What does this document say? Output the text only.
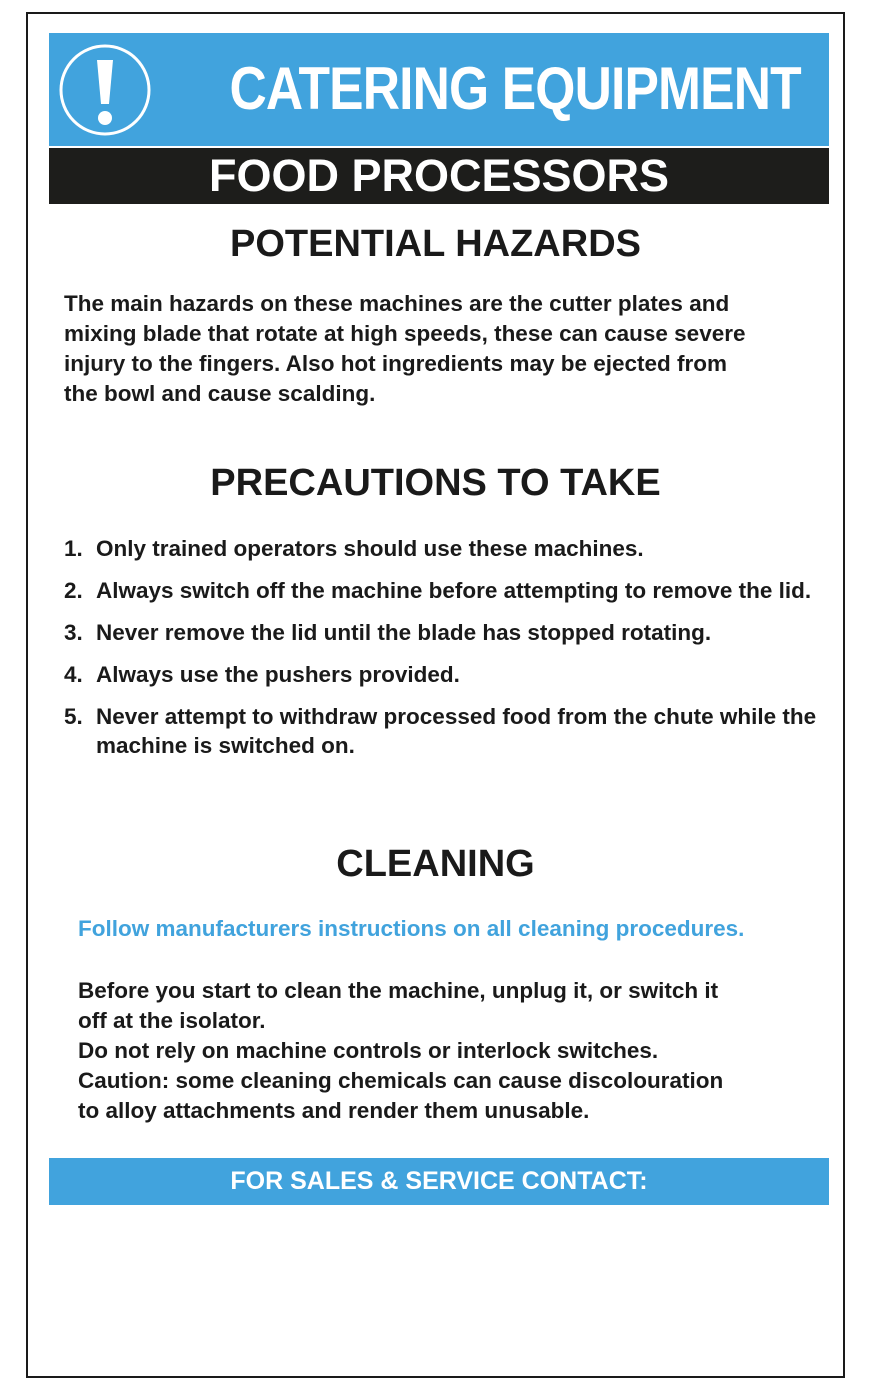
CATERING EQUIPMENT
FOOD PROCESSORS
POTENTIAL HAZARDS
The main hazards on these machines are the cutter plates and
mixing blade that rotate at high speeds, these can cause severe
injury to the fingers. Also hot ingredients may be ejected from
the bowl and cause scalding.
PRECAUTIONS TO TAKE
1. Only trained operators should use these machines.
2. Always switch off the machine before attempting to remove the lid.
3. Never remove the lid until the blade has stopped rotating.
4. Always use the pushers provided.
5. Never attempt to withdraw processed food from the chute while the machine is switched on.
CLEANING
Follow manufacturers instructions on all cleaning procedures.
Before you start to clean the machine, unplug it, or switch it
off at the isolator.
Do not rely on machine controls or interlock switches.
Caution: some cleaning chemicals can cause discolouration
to alloy attachments and render them unusable.
FOR SALES & SERVICE CONTACT:
